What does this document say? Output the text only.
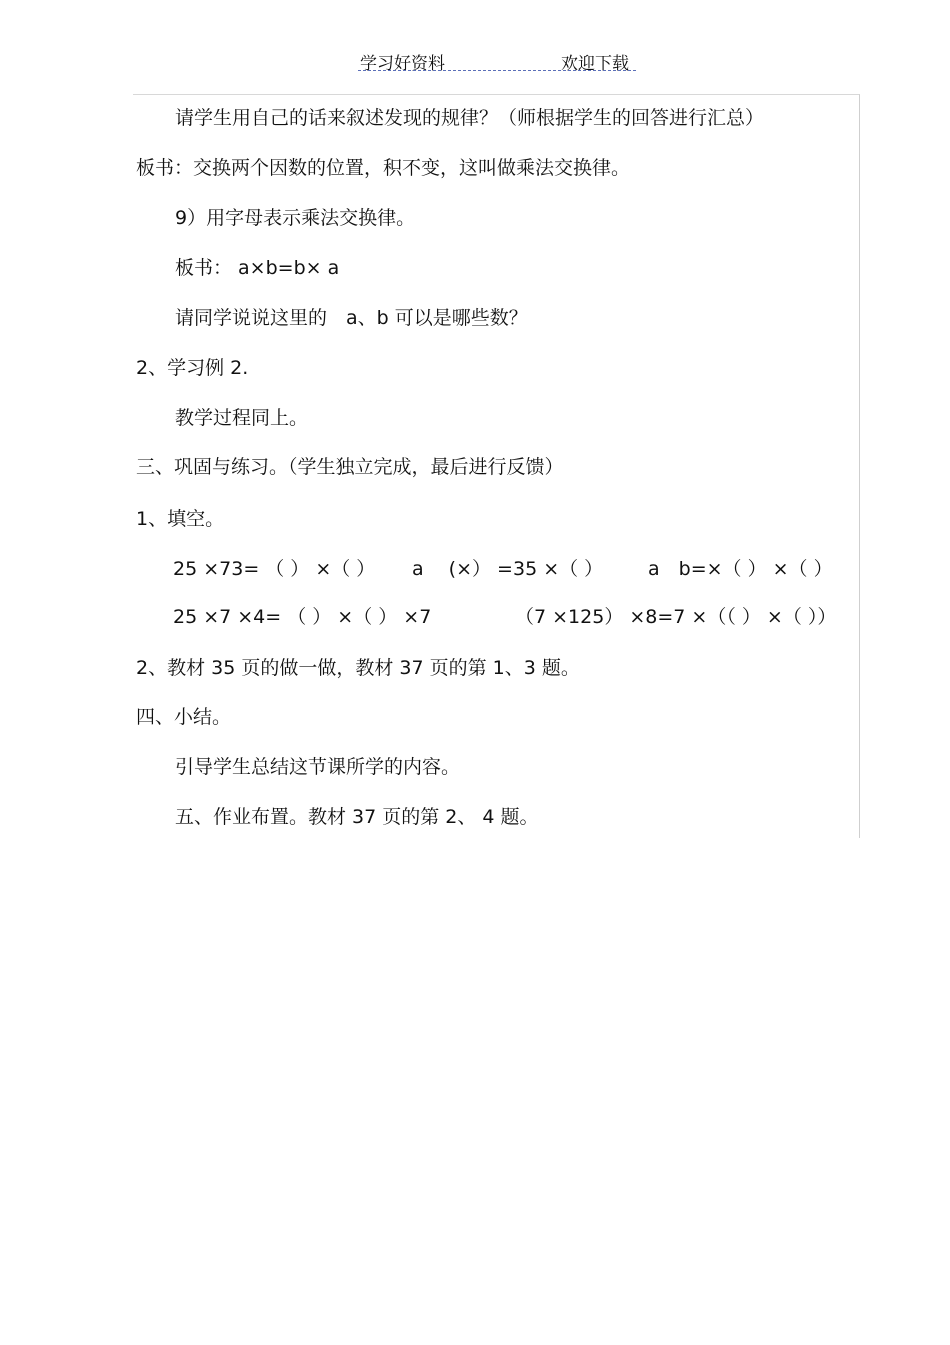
学习好资料	欢迎下载
请学生用自己的话来叙述发现的规律？（师根据学生的回答进行汇总）
板书：交换两个因数的位置，积不变，这叫做乘法交换律。
9）用字母表示乘法交换律。
板书： a×b=b× a
请同学说说这里的　a、b 可以是哪些数？
2、学习例 2.
教学过程同上。
三、巩固与练习。（学生独立完成，最后进行反馈）
1、填空。
25 ×73= （ ） ×（ ） a　 (×） =35 ×（ ） a　b=×（ ） ×（ ）
25 ×7 ×4= （ ） ×（ ） ×7	（7 ×125） ×8=7 ×（（ ） ×（ ））
2、教材 35 页的做一做，教材 37 页的第 1、3 题。
四、小结。
引导学生总结这节课所学的内容。
五、作业布置。教材 37 页的第 2、 4 题。
